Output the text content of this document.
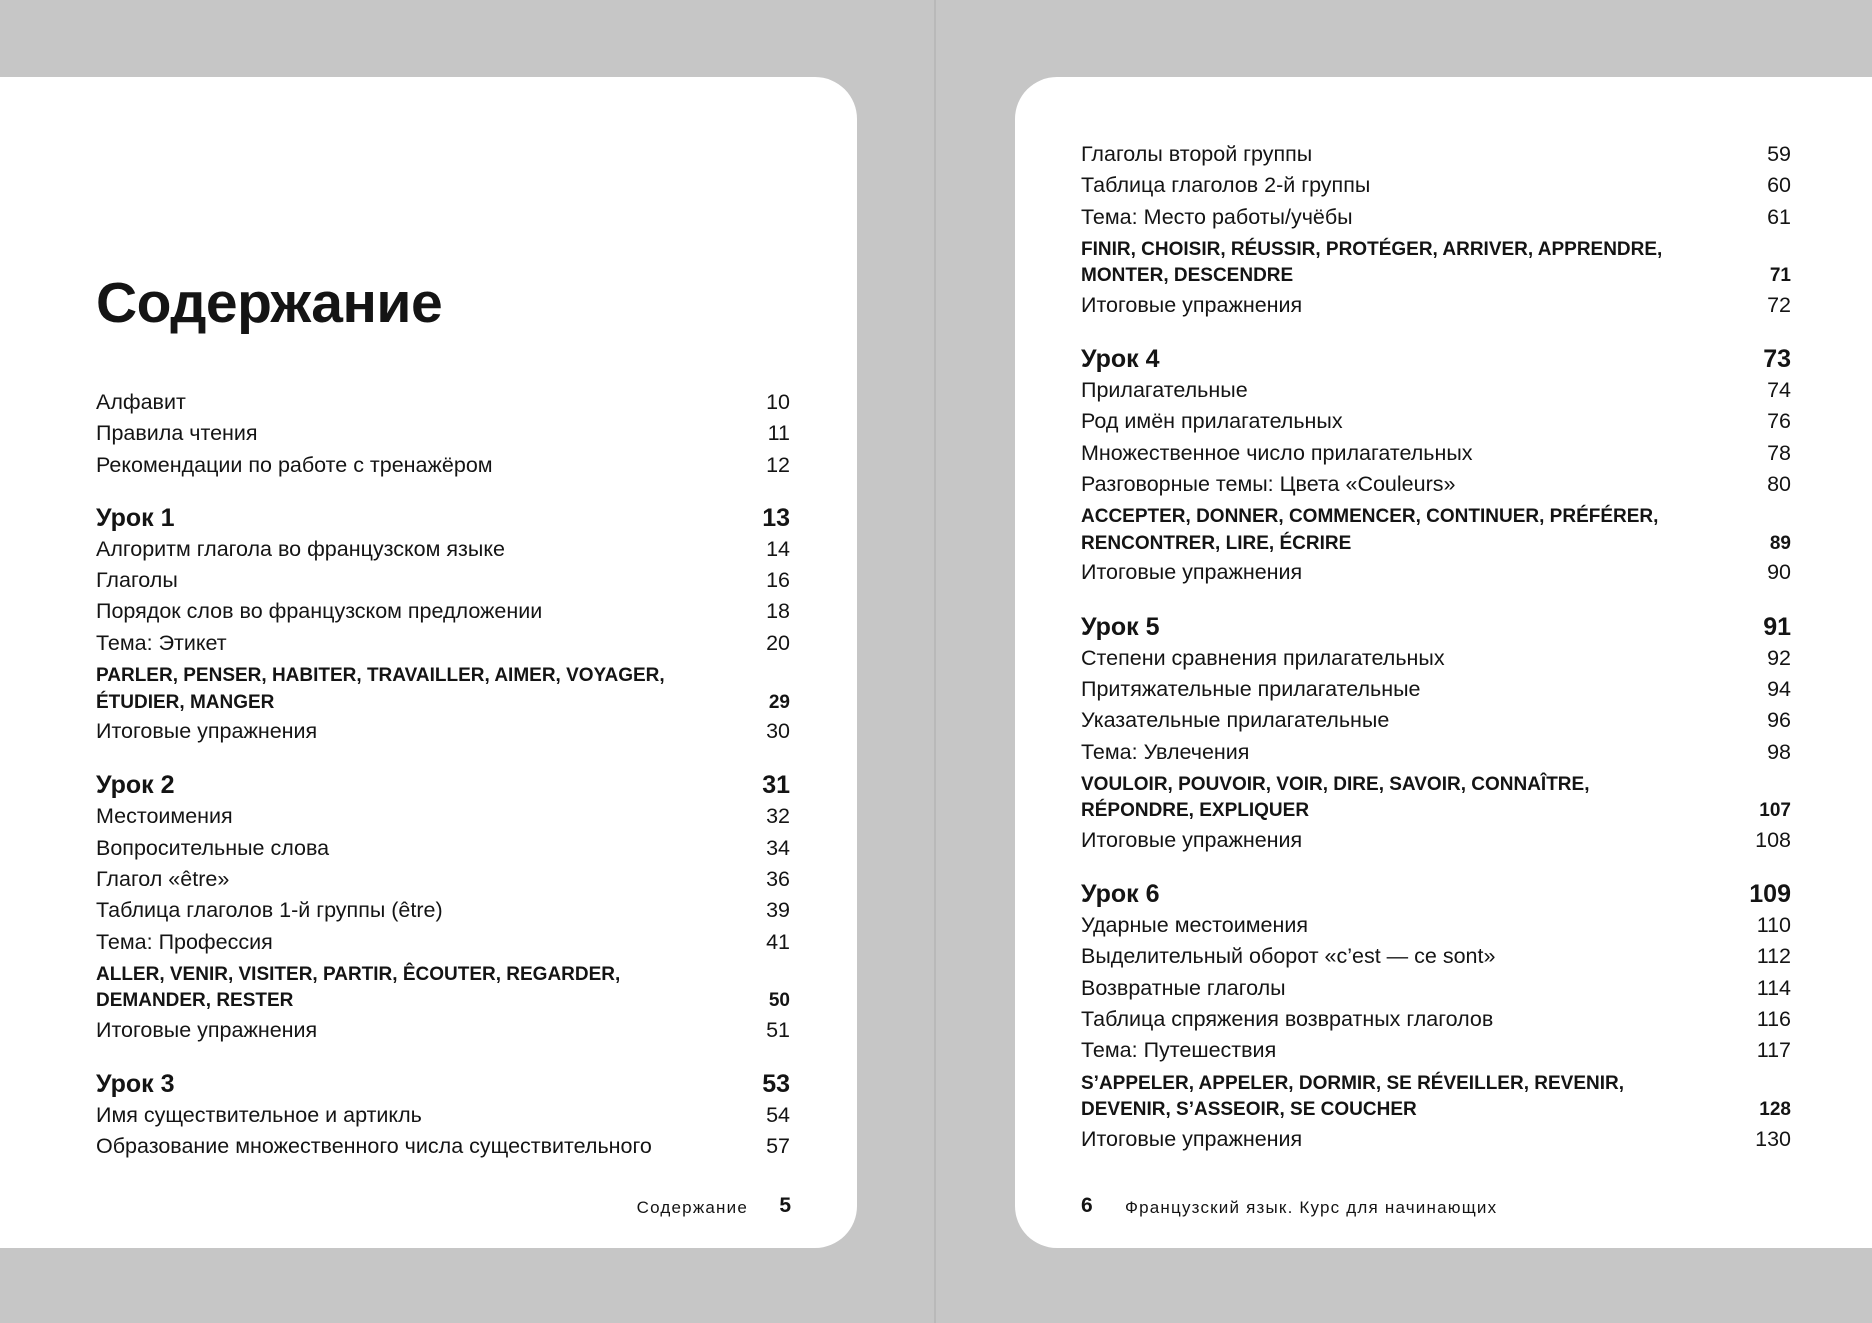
Содержание
Алфавит	10
Правила чтения	11
Рекомендации по работе с тренажёром	12
Урок 1	13
Алгоритм глагола во французском языке	14
Глаголы	16
Порядок слов во французском предложении	18
Тема: Этикет	20
PARLER, PENSER, HABITER, TRAVAILLER, AIMER, VOYAGER, ÉTUDIER, MANGER	29
Итоговые упражнения	30
Урок 2	31
Местоимения	32
Вопросительные слова	34
Глагол «être»	36
Таблица глаголов 1-й группы (être)	39
Тема: Профессия	41
ALLER, VENIR, VISITER, PARTIR, ÊCOUTER, REGARDER, DEMANDER, RESTER	50
Итоговые упражнения	51
Урок 3	53
Имя существительное и артикль	54
Образование множественного числа существительного	57
Содержание 5
Глаголы второй группы	59
Таблица глаголов 2-й группы	60
Тема: Место работы/учёбы	61
FINIR, CHOISIR, RÉUSSIR, PROTÉGER, ARRIVER, APPRENDRE, MONTER, DESCENDRE	71
Итоговые упражнения	72
Урок 4	73
Прилагательные	74
Род имён прилагательных	76
Множественное число прилагательных	78
Разговорные темы: Цвета «Couleurs»	80
ACCEPTER, DONNER, COMMENCER, CONTINUER, PRÉFÉRER, RENCONTRER, LIRE, ÉCRIRE	89
Итоговые упражнения	90
Урок 5	91
Степени сравнения прилагательных	92
Притяжательные прилагательные	94
Указательные прилагательные	96
Тема: Увлечения	98
VOULOIR, POUVOIR, VOIR, DIRE, SAVOIR, CONNAÎTRE, RÉPONDRE, EXPLIQUER	107
Итоговые упражнения	108
Урок 6	109
Ударные местоимения	110
Выделительный оборот «c’est — ce sont»	112
Возвратные глаголы	114
Таблица спряжения возвратных глаголов	116
Тема: Путешествия	117
S’APPELER, APPELER, DORMIR, SE RÉVEILLER, REVENIR, DEVENIR, S’ASSEOIR, SE COUCHER	128
Итоговые упражнения	130
6 Французский язык. Курс для начинающих
